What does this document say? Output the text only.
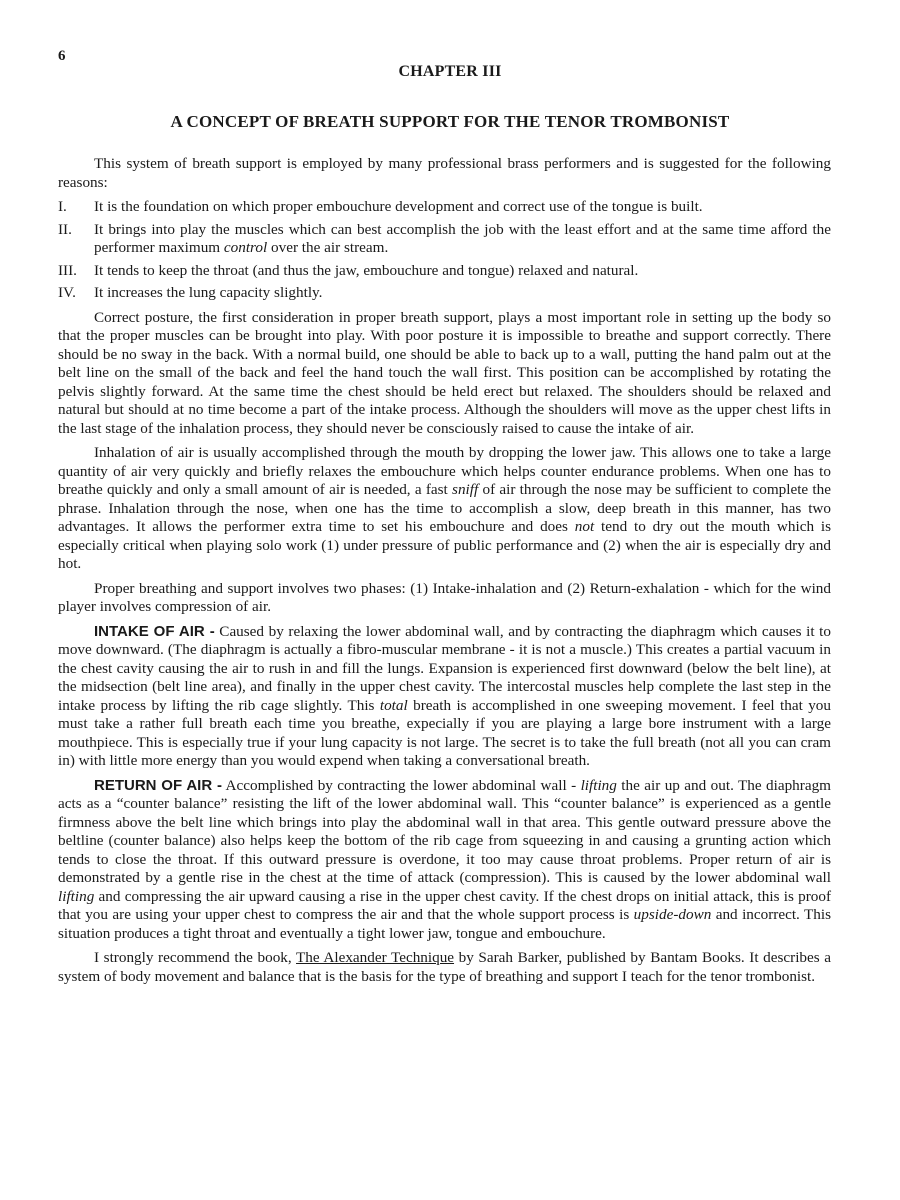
6
CHAPTER III
A CONCEPT OF BREATH SUPPORT FOR THE TENOR TROMBONIST

This system of breath support is employed by many professional brass performers and is suggested for the following reasons:

I.	It is the foundation on which proper embouchure development and correct use of the tongue is built.
II.	It brings into play the muscles which can best accomplish the job with the least effort and at the same time afford the performer maximum control over the air stream.
III.	It tends to keep the throat (and thus the jaw, embouchure and tongue) relaxed and natural.
IV.	It increases the lung capacity slightly.

Correct posture, the first consideration in proper breath support, plays a most important role in setting up the body so that the proper muscles can be brought into play. With poor posture it is impossible to breathe and support correctly. There should be no sway in the back. With a normal build, one should be able to back up to a wall, putting the hand palm out at the belt line on the small of the back and feel the hand touch the wall first. This position can be accomplished by rotating the pelvis slightly forward. At the same time the chest should be held erect but relaxed. The shoulders should be relaxed and natural but should at no time become a part of the intake process. Although the shoulders will move as the upper chest lifts in the last stage of the inhalation process, they should never be consciously raised to cause the intake of air.

Inhalation of air is usually accomplished through the mouth by dropping the lower jaw. This allows one to take a large quantity of air very quickly and briefly relaxes the embouchure which helps counter endurance problems. When one has to breathe quickly and only a small amount of air is needed, a fast sniff of air through the nose may be sufficient to complete the phrase. Inhalation through the nose, when one has the time to accomplish a slow, deep breath in this manner, has two advantages. It allows the performer extra time to set his embouchure and does not tend to dry out the mouth which is especially critical when playing solo work (1) under pressure of public performance and (2) when the air is especially dry and hot.

Proper breathing and support involves two phases: (1) Intake-inhalation and (2) Return-exhalation - which for the wind player involves compression of air.

INTAKE OF AIR - Caused by relaxing the lower abdominal wall, and by contracting the diaphragm which causes it to move downward. (The diaphragm is actually a fibro-muscular membrane - it is not a muscle.) This creates a partial vacuum in the chest cavity causing the air to rush in and fill the lungs. Expansion is experienced first downward (below the belt line), at the midsection (belt line area), and finally in the upper chest cavity. The intercostal muscles help complete the last step in the intake process by lifting the rib cage slightly. This total breath is accomplished in one sweeping movement. I feel that you must take a rather full breath each time you breathe, expecially if you are playing a large bore instrument with a large mouthpiece. This is especially true if your lung capacity is not large. The secret is to take the full breath (not all you can cram in) with little more energy than you would expend when taking a conversational breath.

RETURN OF AIR - Accomplished by contracting the lower abdominal wall - lifting the air up and out. The diaphragm acts as a “counter balance” resisting the lift of the lower abdominal wall. This “counter balance” is experienced as a gentle firmness above the belt line which brings into play the abdominal wall in that area. This gentle outward pressure above the beltline (counter balance) also helps keep the bottom of the rib cage from squeezing in and causing a grunting action which tends to close the throat. If this outward pressure is overdone, it too may cause throat problems. Proper return of air is demonstrated by a gentle rise in the chest at the time of attack (compression). This is caused by the lower abdominal wall lifting and compressing the air upward causing a rise in the upper chest cavity. If the chest drops on initial attack, this is proof that you are using your upper chest to compress the air and that the whole support process is upside-down and incorrect. This situation produces a tight throat and eventually a tight lower jaw, tongue and embouchure.

I strongly recommend the book, The Alexander Technique by Sarah Barker, published by Bantam Books. It describes a system of body movement and balance that is the basis for the type of breathing and support I teach for the tenor trombonist.
